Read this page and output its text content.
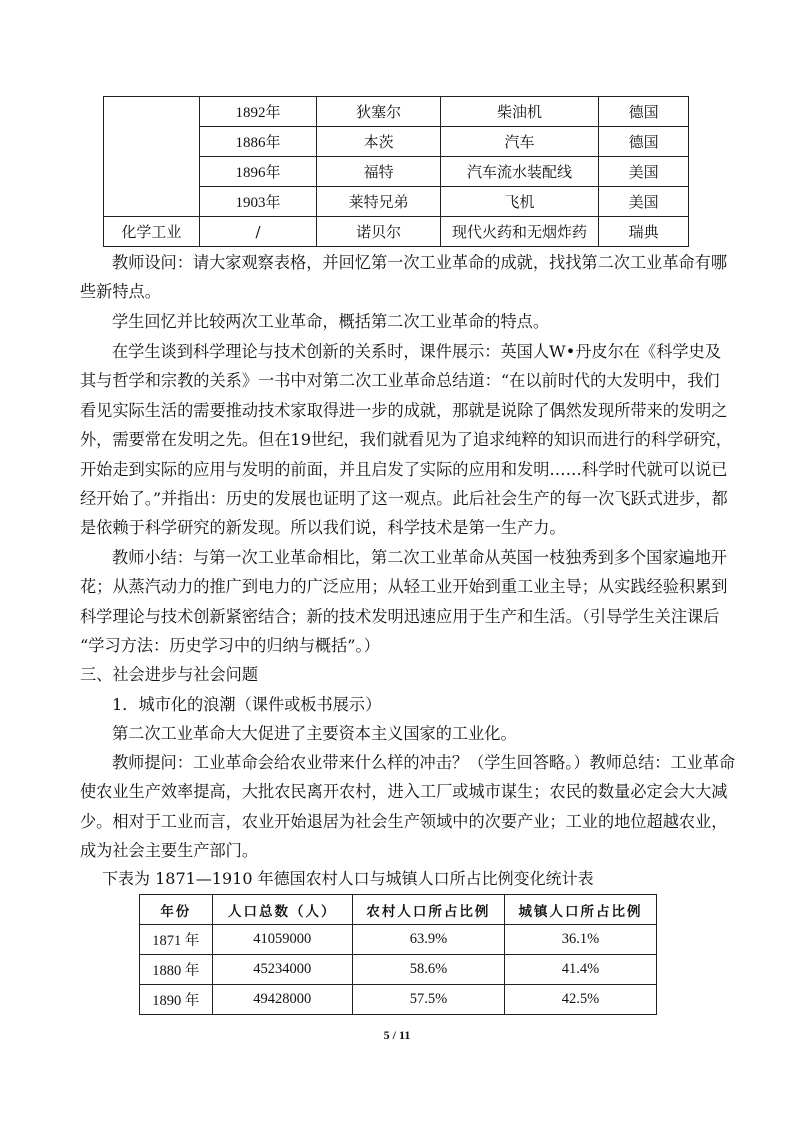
	1892年	狄塞尔	柴油机	德国
	1886年	本茨	汽车	德国
	1896年	福特	汽车流水装配线	美国
	1903年	莱特兄弟	飞机	美国
化学工业	/	诺贝尔	现代火药和无烟炸药	瑞典
教师设问：请大家观察表格，并回忆第一次工业革命的成就，找找第二次工业革命有哪
些新特点。
学生回忆并比较两次工业革命，概括第二次工业革命的特点。
在学生谈到科学理论与技术创新的关系时，课件展示：英国人W•丹皮尔在《科学史及
其与哲学和宗教的关系》一书中对第二次工业革命总结道：“在以前时代的大发明中，我们
看见实际生活的需要推动技术家取得进一步的成就，那就是说除了偶然发现所带来的发明之
外，需要常在发明之先。但在19世纪，我们就看见为了追求纯粹的知识而进行的科学研究，
开始走到实际的应用与发明的前面，并且启发了实际的应用和发明……科学时代就可以说已
经开始了。”并指出：历史的发展也证明了这一观点。此后社会生产的每一次飞跃式进步，都
是依赖于科学研究的新发现。所以我们说，科学技术是第一生产力。
教师小结：与第一次工业革命相比，第二次工业革命从英国一枝独秀到多个国家遍地开
花；从蒸汽动力的推广到电力的广泛应用；从轻工业开始到重工业主导；从实践经验积累到
科学理论与技术创新紧密结合；新的技术发明迅速应用于生产和生活。（引导学生关注课后
“学习方法：历史学习中的归纳与概括”。）
三、社会进步与社会问题
1．城市化的浪潮（课件或板书展示）
第二次工业革命大大促进了主要资本主义国家的工业化。
教师提问：工业革命会给农业带来什么样的冲击？（学生回答略。）教师总结：工业革命
使农业生产效率提高，大批农民离开农村，进入工厂或城市谋生；农民的数量必定会大大减
少。相对于工业而言，农业开始退居为社会生产领域中的次要产业；工业的地位超越农业，
成为社会主要生产部门。
下表为 1871—1910 年德国农村人口与城镇人口所占比例变化统计表
年份	人口总数（人）	农村人口所占比例	城镇人口所占比例
1871 年	41059000	63.9%	36.1%
1880 年	45234000	58.6%	41.4%
1890 年	49428000	57.5%	42.5%
5 / 11
